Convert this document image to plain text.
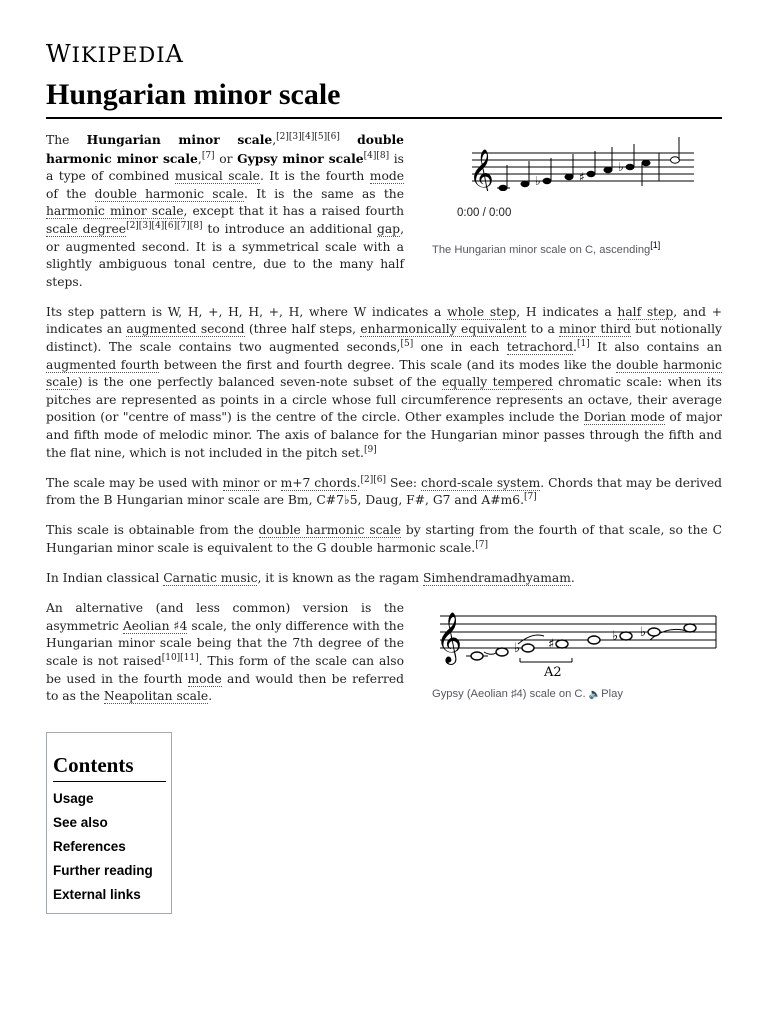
WIKIPEDIA
Hungarian minor scale
𝄞	♭	♯
♭
0:00 / 0:00
The Hungarian minor scale on C, ascending[1]

The Hungarian minor scale,[2][3][4][5][6] double harmonic minor scale,[7] or Gypsy minor scale[4][8] is a type of combined musical scale. It is the fourth mode of the double harmonic scale. It is the same as the harmonic minor scale, except that it has a raised fourth scale degree[2][3][4][6][7][8] to introduce an additional gap, or augmented second. It is a symmetrical scale with a slightly ambiguous tonal centre, due to the many half steps.

Its step pattern is W, H, +, H, H, +, H, where W indicates a whole step, H indicates a half step, and + indicates an augmented second (three half steps, enharmonically equivalent to a minor third but notionally distinct). The scale contains two augmented seconds,[5] one in each tetrachord.[1] It also contains an augmented fourth between the first and fourth degree. This scale (and its modes like the double harmonic scale) is the one perfectly balanced seven-note subset of the equally tempered chromatic scale: when its pitches are represented as points in a circle whose full circumference represents an octave, their average position (or "centre of mass") is the centre of the circle. Other examples include the Dorian mode of major and fifth mode of melodic minor. The axis of balance for the Hungarian minor passes through the fifth and the flat nine, which is not included in the pitch set.[9]

The scale may be used with minor or m+7 chords.[2][6] See: chord-scale system. Chords that may be derived from the B Hungarian minor scale are Bm, C#7♭5, Daug, F#, G7 and A#m6.[7]

This scale is obtainable from the double harmonic scale by starting from the fourth of that scale, so the C Hungarian minor scale is equivalent to the G double harmonic scale.[7]

In Indian classical Carnatic music, it is known as the ragam Simhendramadhyamam.

𝄞	♭ ♯
♭ ♭
A2
Gypsy (Aeolian ♯4) scale on C. 🔈Play

An alternative (and less common) version is the asymmetric Aeolian ♯4 scale, the only difference with the Hungarian minor scale being that the 7th degree of the scale is not raised[10][11]. This form of the scale can also be used in the fourth mode and would then be referred to as the Neapolitan scale.

Contents
Usage
See also
References
Further reading
External links
